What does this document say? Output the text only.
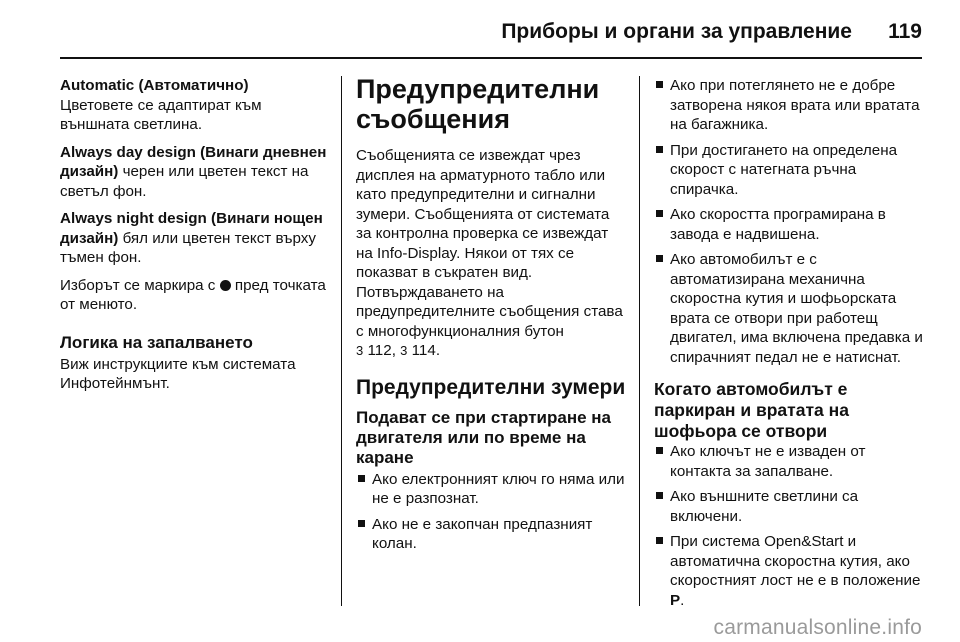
Приборы и органи за управление 119

Automatic (Автоматично)
Цветовете се адаптират към външната светлина.

Always day design (Винаги дневнен дизайн) черен или цветен текст на светъл фон.

Always night design (Винаги нощен дизайн) бял или цветен текст върху тъмен фон.

Изборът се маркира с  пред точката от менюто.

Логика на запалването

Виж инструкциите към системата Инфотейнмънт.

Предупредителни съобщения

Съобщенията се извеждат чрез дисплея на арматурното табло или като предупредителни и сигнални зумери. Съобщенията от системата за контролна проверка се извеждат на Info-Display. Някои от тях се показват в съкратен вид. Потвърждаването на предупредителните съобщения става с многофункционалния бутон
3 112, 3 114.

Предупредителни зумери
Подават се при стартиране на двигателя или по време на каране
Ако електронният ключ го няма или не е разпознат.
Ако не е закопчан предпазният колан.
Ако при потеглянето не е добре затворена някоя врата или вратата на багажника.
При достигането на определена скорост с натегната ръчна спирачка.
Ако скоростта програмирана в завода е надвишена.
Ако автомобилът е с автоматизирана механична скоростна кутия и шофьорската врата се отвори при работещ двигател, има включена предавка и спирачният педал не е натиснат.
Когато автомобилът е паркиран и вратата на шофьора се отвори
Ако ключът не е изваден от контакта за запалване.
Ако външните светлини са включени.
При система Open&Start и автоматична скоростна кутия, ако скоростният лост не е в положение P.
carmanualsonline.info
